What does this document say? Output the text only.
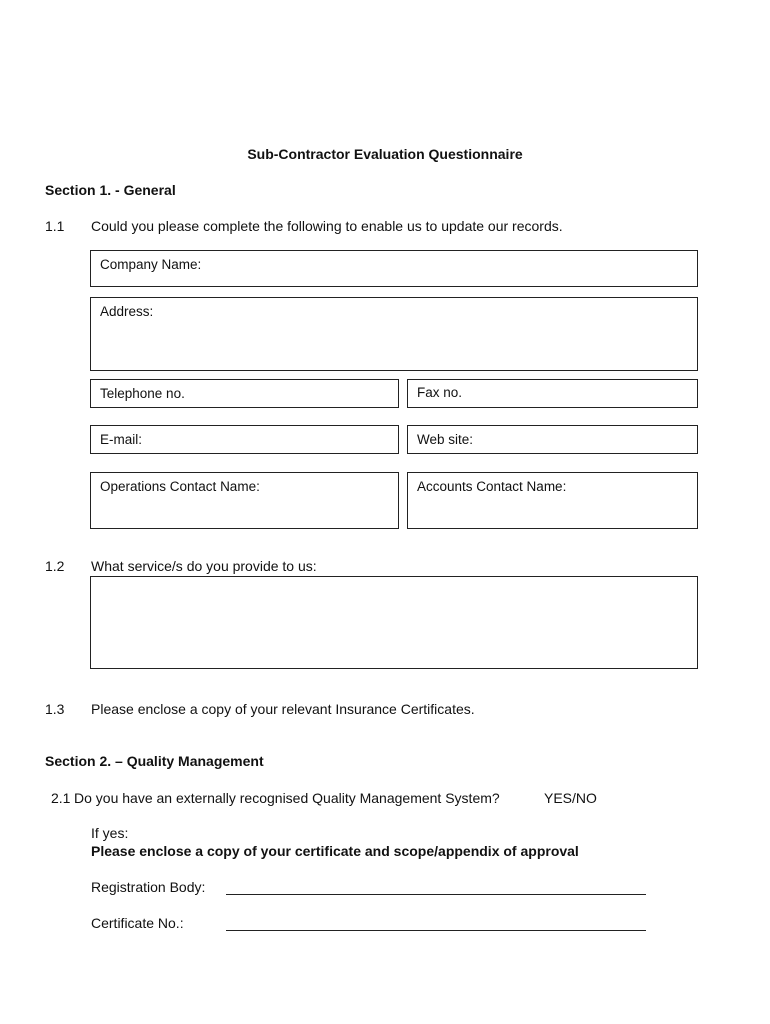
Sub-Contractor Evaluation Questionnaire
Section 1. - General
1.1 Could you please complete the following to enable us to update our records.
Company Name:
Address:
Telephone no.	Fax no.
E-mail:	Web site:
Operations Contact Name:	Accounts Contact Name:
1.2 What service/s do you provide to us:
1.3 Please enclose a copy of your relevant Insurance Certificates.
Section 2. – Quality Management
2.1 Do you have an externally recognised Quality Management System?	YES/NO
If yes:
Please enclose a copy of your certificate and scope/appendix of approval
Registration Body:
Certificate No.:
